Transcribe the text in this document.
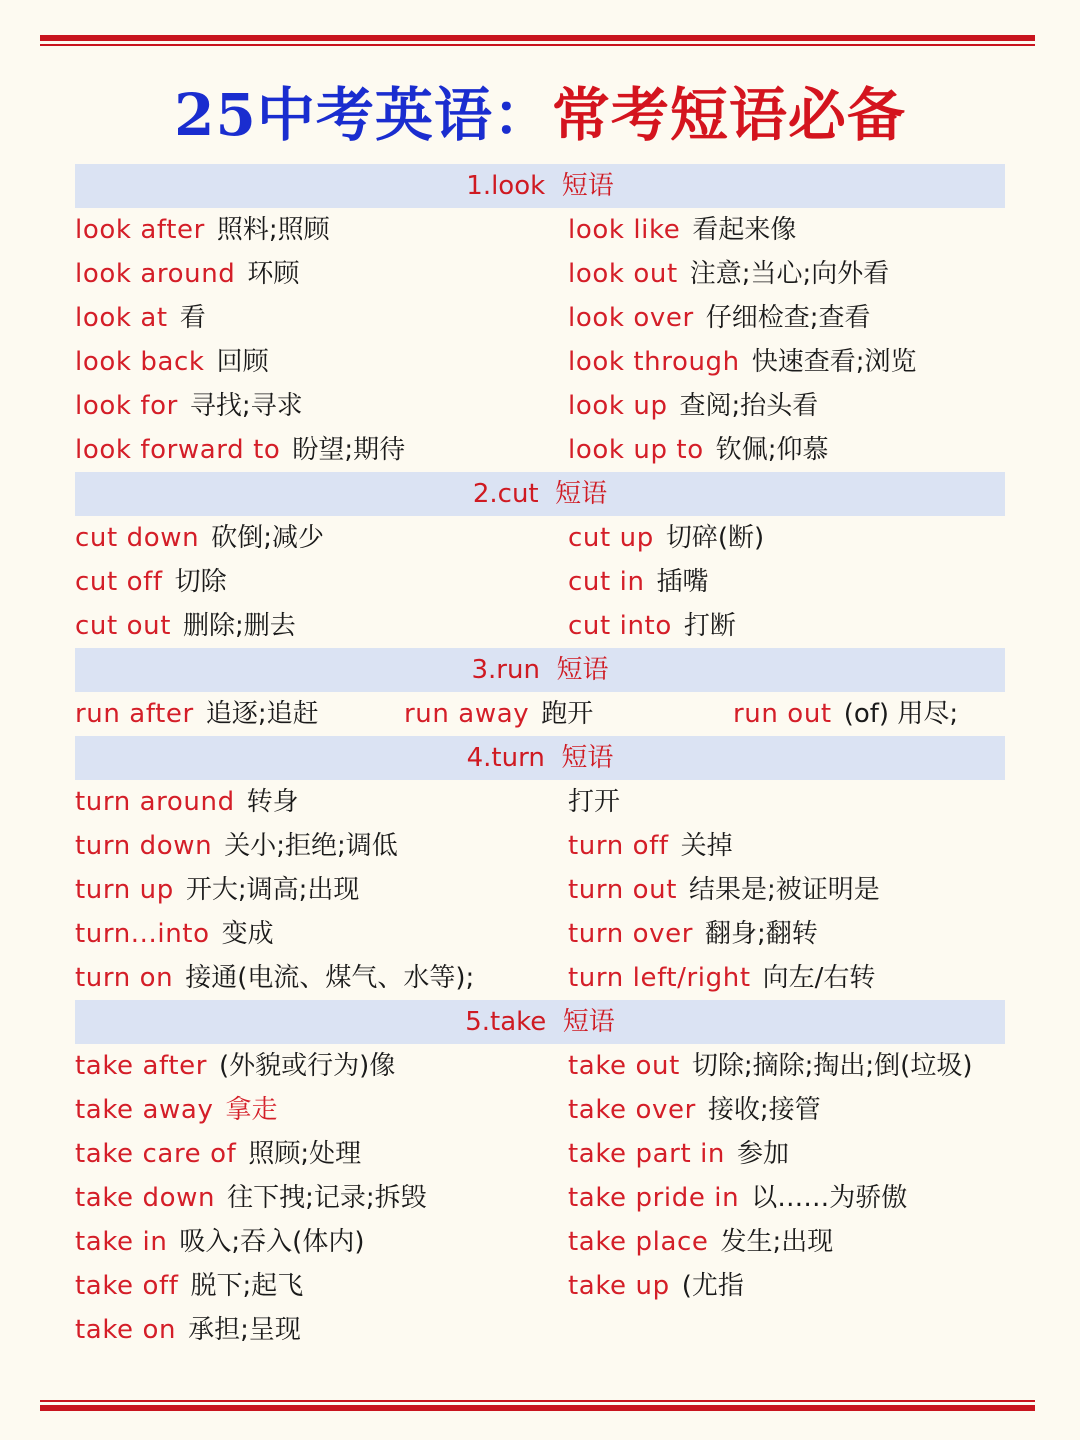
25中考英语：常考短语必备
1.look  短语
look after 照料;照顾	look like 看起来像
look around 环顾	look out 注意;当心;向外看
look at 看	look over 仔细检查;查看
look back 回顾	look through 快速查看;浏览
look for 寻找;寻求	look up 查阅;抬头看
look forward to 盼望;期待	look up to 钦佩;仰慕
2.cut  短语
cut down 砍倒;减少	cut up 切碎(断)
cut off 切除	cut in 插嘴
cut out 删除;删去	cut into 打断
3.run  短语
run after 追逐;追赶	run away 跑开	run out (of) 用尽;
4.turn  短语
turn around 转身	打开
turn down 关小;拒绝;调低	turn off 关掉
turn up 开大;调高;出现	turn out 结果是;被证明是
turn...into 变成	turn over 翻身;翻转
turn on 接通(电流、煤气、水等);	turn left/right 向左/右转
5.take  短语
take after (外貌或行为)像	take out 切除;摘除;掏出;倒(垃圾)
take away 拿走	take over 接收;接管
take care of 照顾;处理	take part in 参加
take down 往下拽;记录;拆毁	take pride in 以……为骄傲
take in 吸入;吞入(体内)	take place 发生;出现
take off 脱下;起飞	take up (尤指
take on 承担;呈现
